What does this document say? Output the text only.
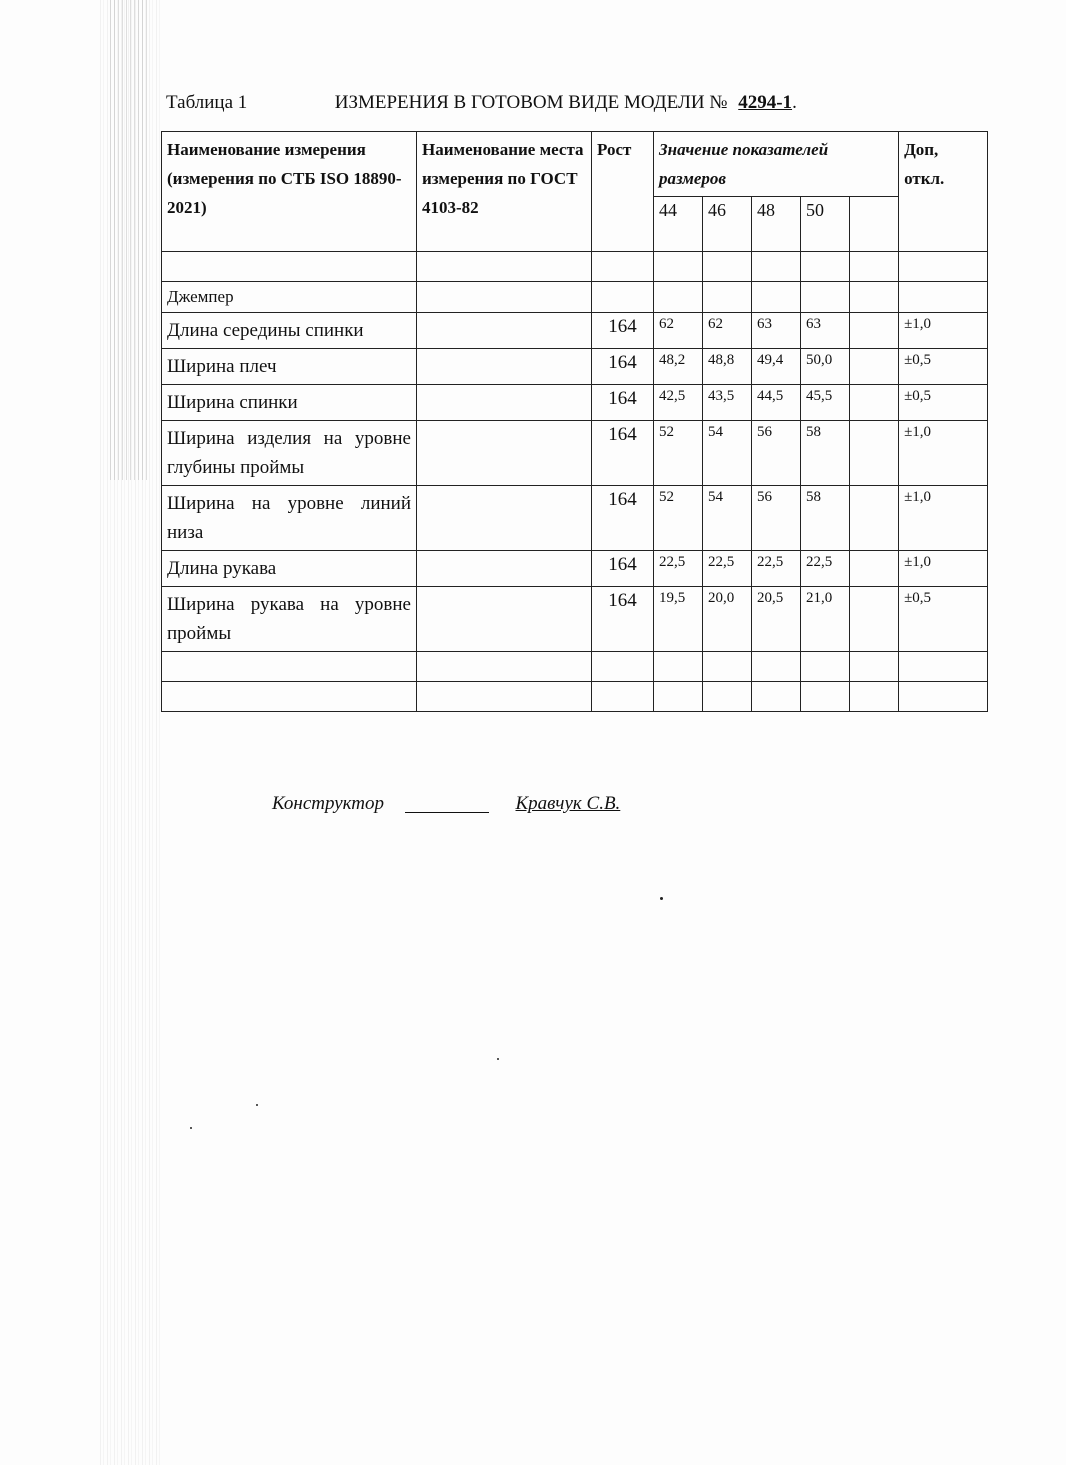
Таблица 1	ИЗМЕРЕНИЯ В ГОТОВОМ ВИДЕ МОДЕЛИ № 4294-1.
Наименование измерения (измерения по СТБ ISO 18890-2021)	Наименование места измерения по ГОСТ 4103-82	Рост	Значение показателей размеров					Доп, откл.
			44	46	48	50		

Джемпер								
Длина середины спинки		164	62	62	63	63		±1,0
Ширина плеч		164	48,2	48,8	49,4	50,0		±0,5
Ширина спинки		164	42,5	43,5	44,5	45,5		±0,5
Ширина изделия на уровне глубины проймы		164	52	54	56	58		±1,0
Ширина на уровне линий низа		164	52	54	56	58		±1,0
Длина рукава		164	22,5	22,5	22,5	22,5		±1,0
Ширина рукава на уровне проймы		164	19,5	20,0	20,5	21,0		±0,5

Конструктор	Кравчук С.В.
